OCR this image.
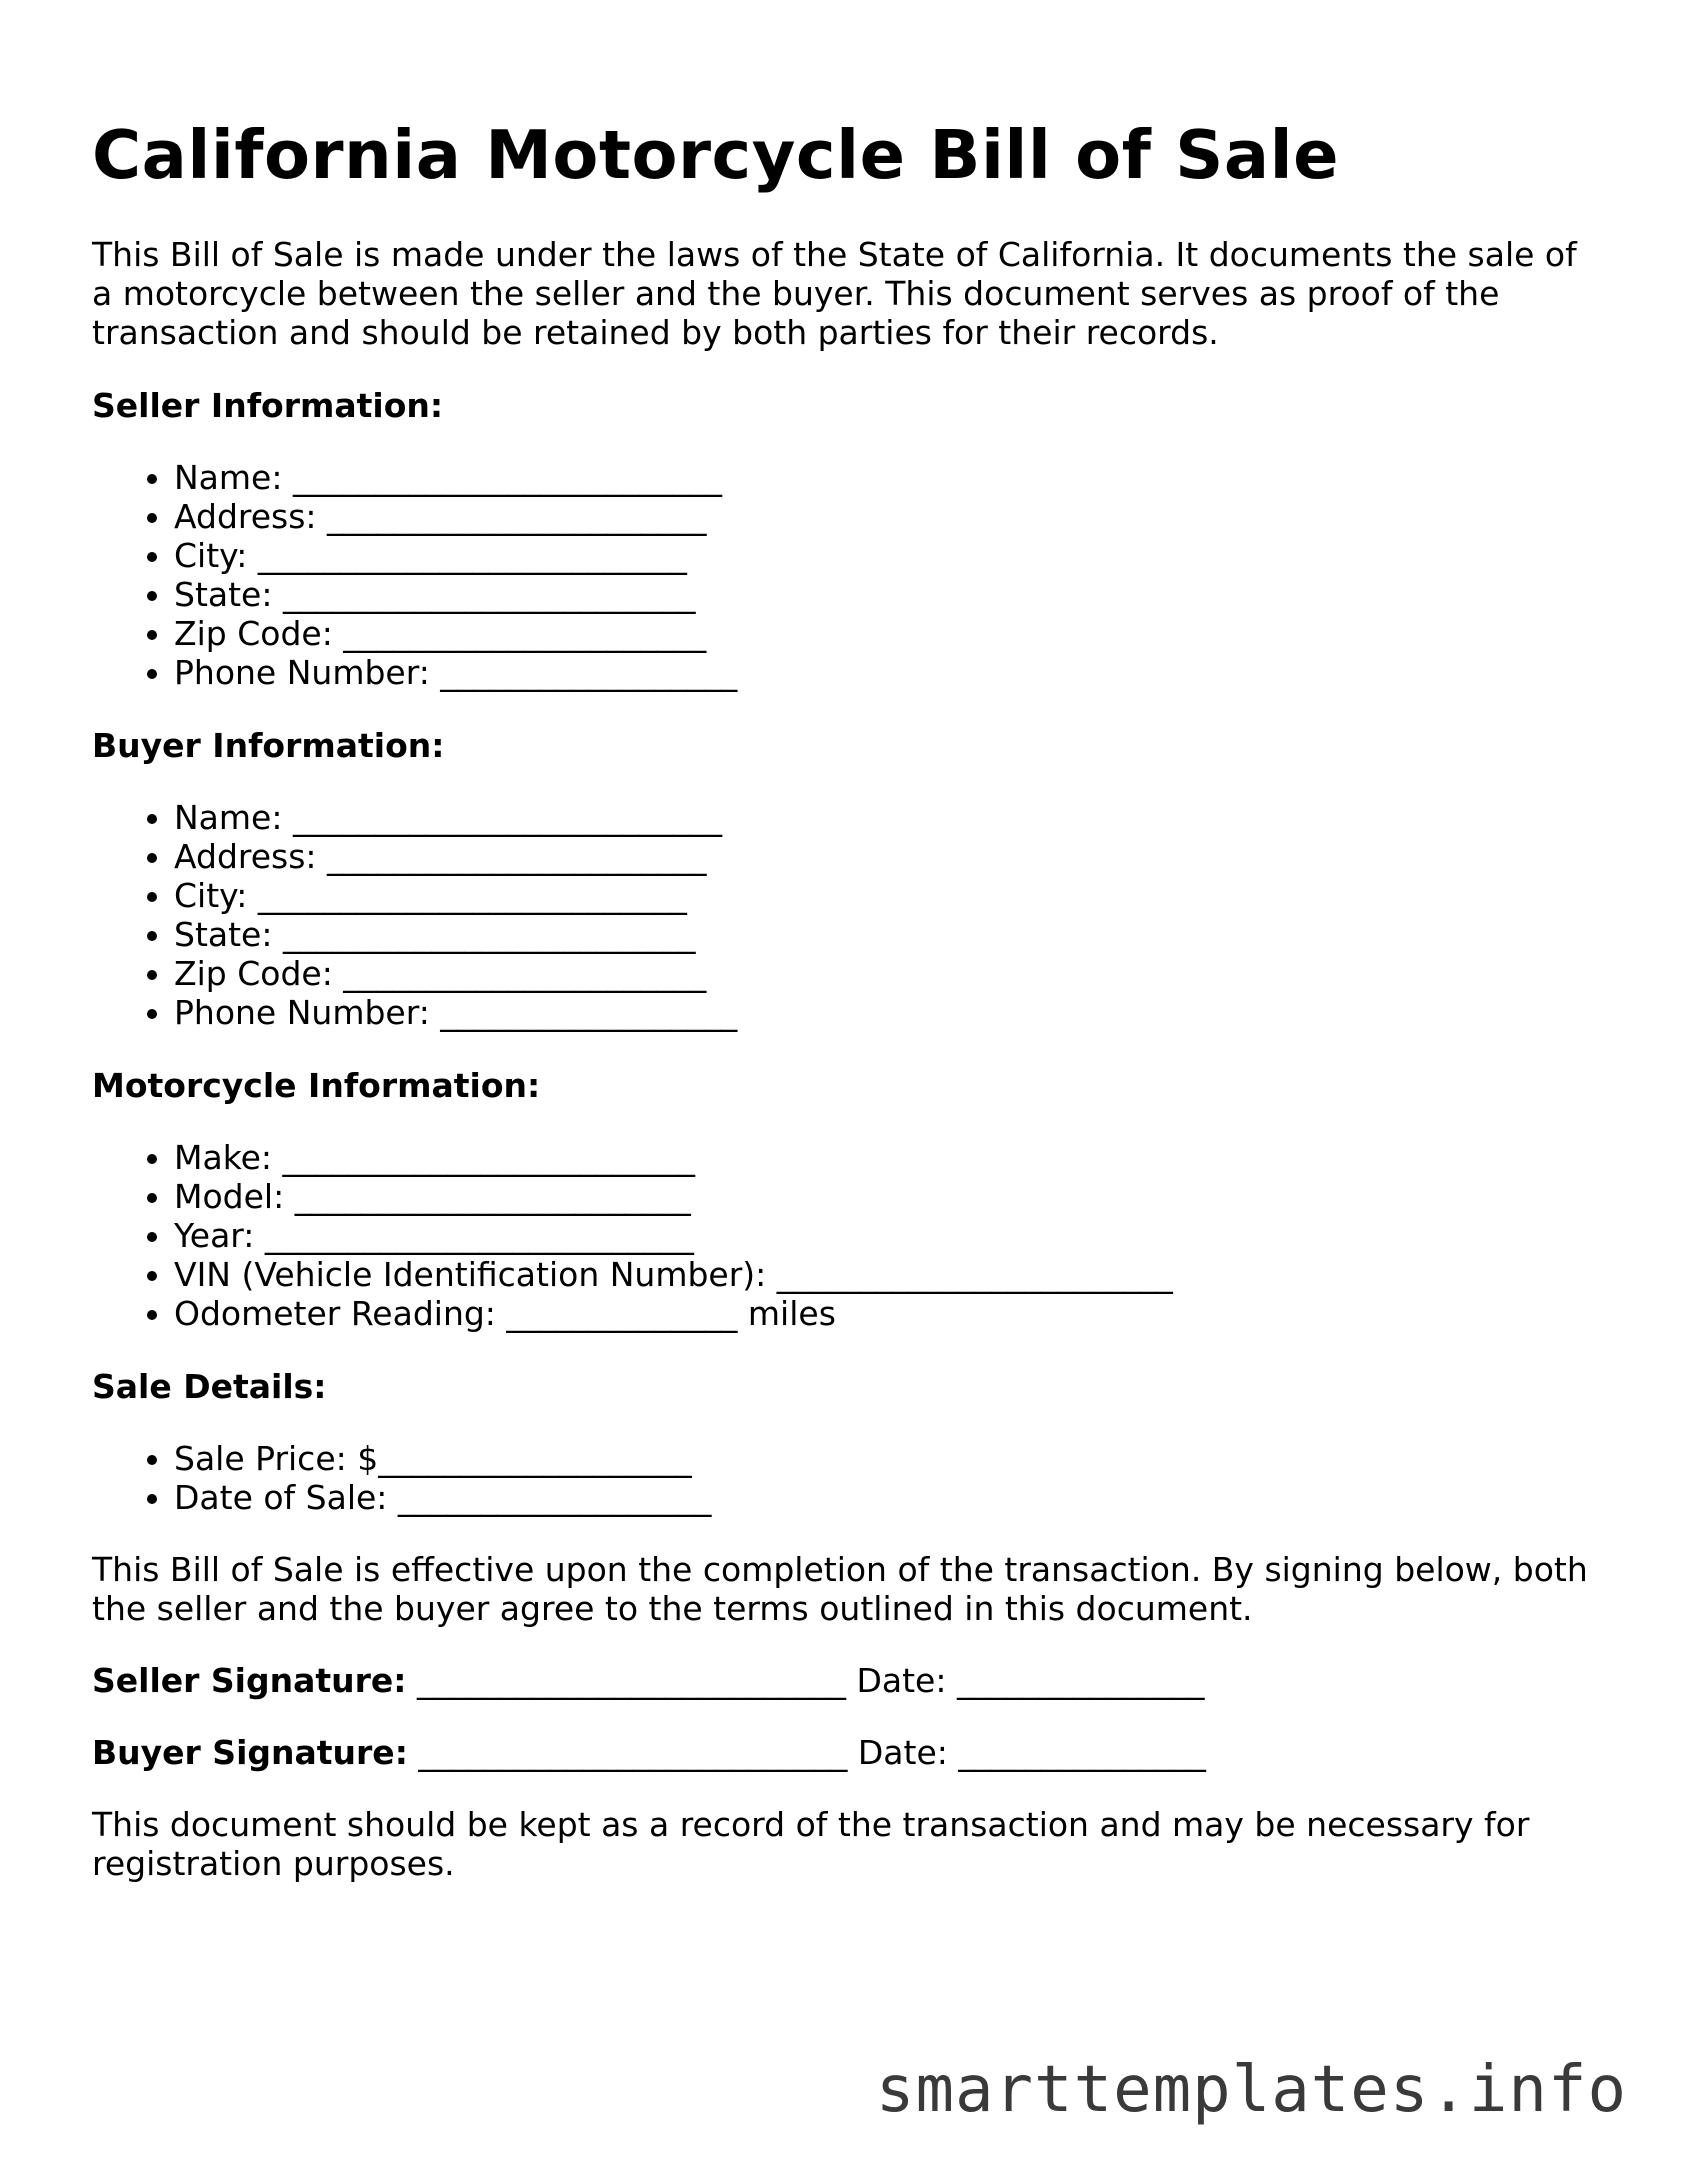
California Motorcycle Bill of Sale

This Bill of Sale is made under the laws of the State of California. It documents the sale of a motorcycle between the seller and the buyer. This document serves as proof of the transaction and should be retained by both parties for their records.

Seller Information:
• Name: __________________________
• Address: _______________________
• City: __________________________
• State: _________________________
• Zip Code: ______________________
• Phone Number: __________________
Buyer Information:
• Name: __________________________
• Address: _______________________
• City: __________________________
• State: _________________________
• Zip Code: ______________________
• Phone Number: __________________
Motorcycle Information:
• Make: _________________________
• Model: ________________________
• Year: __________________________
• VIN (Vehicle Identification Number): ________________________
• Odometer Reading: ______________ miles
Sale Details:
• Sale Price: $___________________
• Date of Sale: ___________________

This Bill of Sale is effective upon the completion of the transaction. By signing below, both the seller and the buyer agree to the terms outlined in this document.

Seller Signature: __________________________ Date: _______________

Buyer Signature: __________________________ Date: _______________

This document should be kept as a record of the transaction and may be necessary for registration purposes.

smarttemplates.info
